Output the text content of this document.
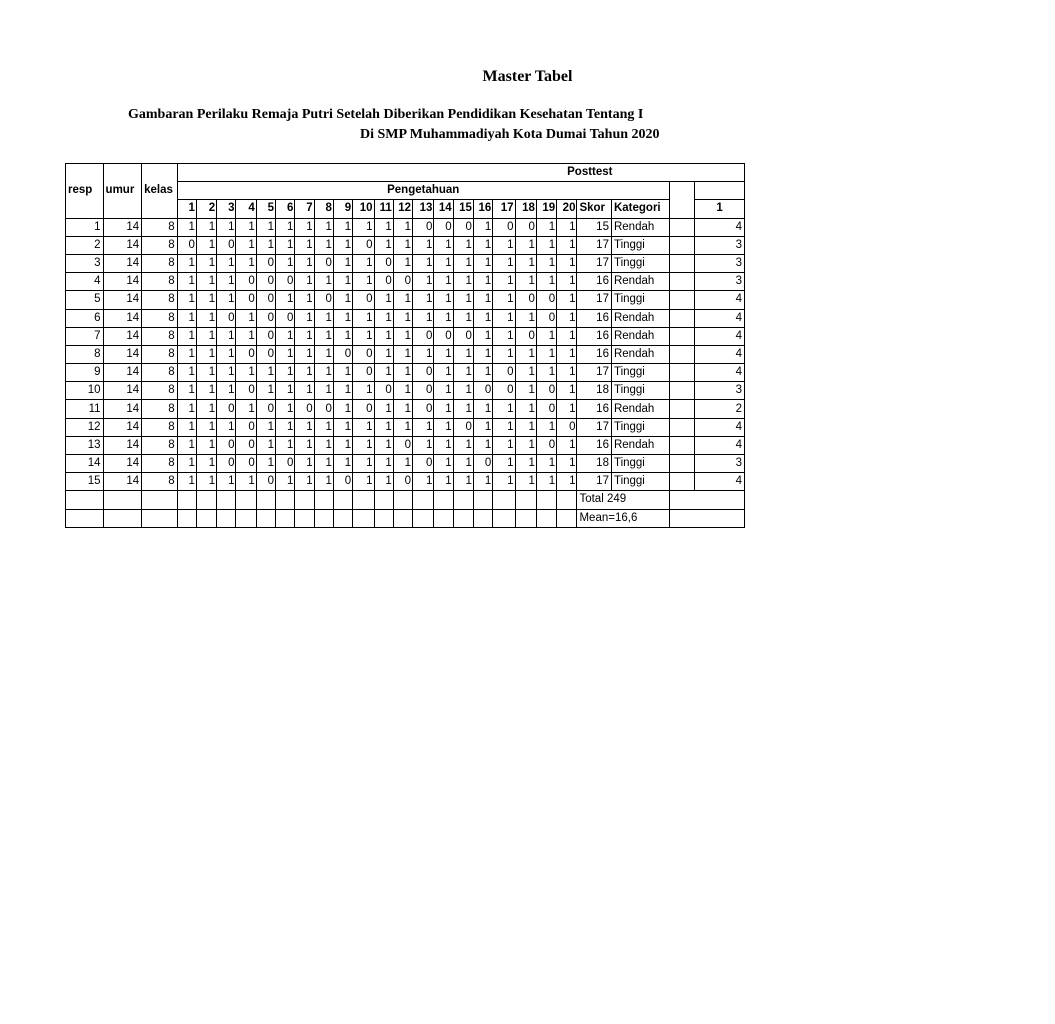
Master Tabel
Gambaran Perilaku Remaja Putri Setelah Diberikan Pendidikan Kesehatan Tentang I
Di SMP Muhammadiyah Kota Dumai Tahun 2020
			Posttest																							
resp	umur	kelas	Pengetahuan																							
			1	2	3	4	5	6	7	8	9	10	11	12	13	14	15	16	17	18	19	20	Skor	Kategori		1
1	14	8	1	1	1	1	1	1	1	1	1	1	1	1	0	0	0	1	0	0	1	1	15	Rendah		4
2	14	8	0	1	0	1	1	1	1	1	1	0	1	1	1	1	1	1	1	1	1	1	17	Tinggi		3
3	14	8	1	1	1	1	0	1	1	0	1	1	0	1	1	1	1	1	1	1	1	1	17	Tinggi		3
4	14	8	1	1	1	0	0	0	1	1	1	1	0	0	1	1	1	1	1	1	1	1	16	Rendah		3
5	14	8	1	1	1	0	0	1	1	0	1	0	1	1	1	1	1	1	1	0	0	1	17	Tinggi		4
6	14	8	1	1	0	1	0	0	1	1	1	1	1	1	1	1	1	1	1	1	0	1	16	Rendah		4
7	14	8	1	1	1	1	0	1	1	1	1	1	1	1	0	0	0	1	1	0	1	1	16	Rendah		4
8	14	8	1	1	1	0	0	1	1	1	0	0	1	1	1	1	1	1	1	1	1	1	16	Rendah		4
9	14	8	1	1	1	1	1	1	1	1	1	0	1	1	0	1	1	1	0	1	1	1	17	Tinggi		4
10	14	8	1	1	1	0	1	1	1	1	1	1	0	1	0	1	1	0	0	1	0	1	18	Tinggi		3
11	14	8	1	1	0	1	0	1	0	0	1	0	1	1	0	1	1	1	1	1	0	1	16	Rendah		2
12	14	8	1	1	1	0	1	1	1	1	1	1	1	1	1	1	0	1	1	1	1	0	17	Tinggi		4
13	14	8	1	1	0	0	1	1	1	1	1	1	1	0	1	1	1	1	1	1	0	1	16	Rendah		4
14	14	8	1	1	0	0	1	0	1	1	1	1	1	1	0	1	1	0	1	1	1	1	18	Tinggi		3
15	14	8	1	1	1	1	0	1	1	1	0	1	1	0	1	1	1	1	1	1	1	1	17	Tinggi		4
																							Total 249			
																							Mean=16,6			
